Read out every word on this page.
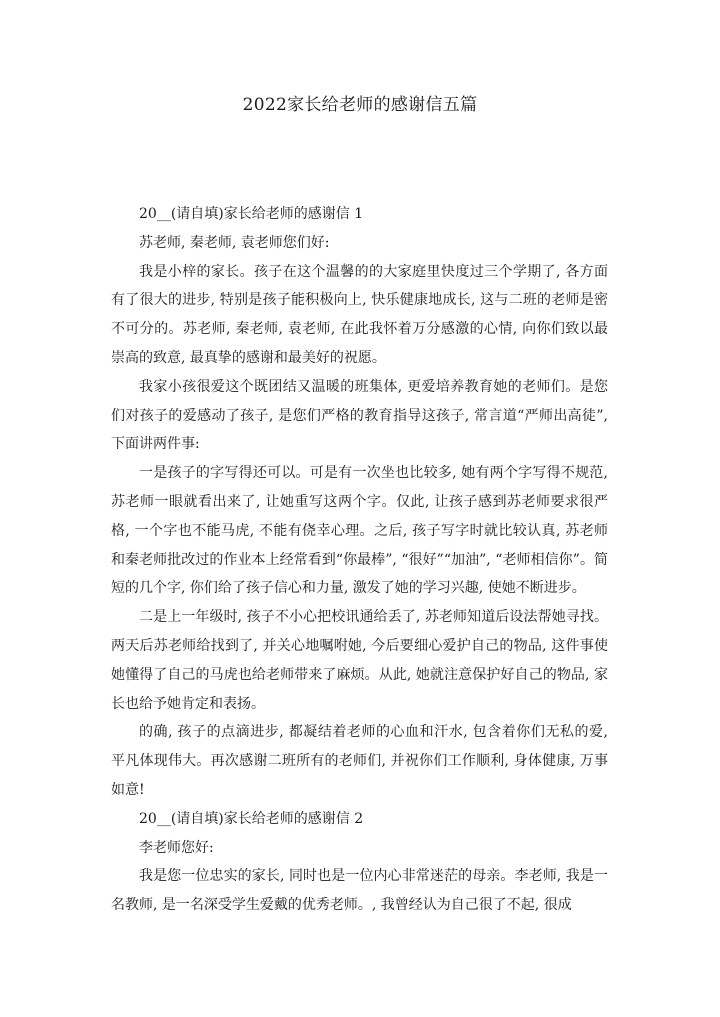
2022家长给老师的感谢信五篇

20__(请自填)家长给老师的感谢信 1

苏老师, 秦老师, 袁老师您们好:

我是小梓的家长。孩子在这个温馨的的大家庭里快度过三个学期了, 各方面有了很大的进步, 特别是孩子能积极向上, 快乐健康地成长, 这与二班的老师是密不可分的。苏老师, 秦老师, 袁老师, 在此我怀着万分感激的心情, 向你们致以最崇高的致意, 最真挚的感谢和最美好的祝愿。

我家小孩很爱这个既团结又温暖的班集体, 更爱培养教育她的老师们。是您们对孩子的爱感动了孩子, 是您们严格的教育指导这孩子, 常言道“严师出高徒”, 下面讲两件事:

一是孩子的字写得还可以。可是有一次坐也比较多, 她有两个字写得不规范, 苏老师一眼就看出来了, 让她重写这两个字。仅此, 让孩子感到苏老师要求很严格, 一个字也不能马虎, 不能有侥幸心理。之后, 孩子写字时就比较认真, 苏老师和秦老师批改过的作业本上经常看到“你最棒”, “很好”“加油”, “老师相信你”。简短的几个字, 你们给了孩子信心和力量, 激发了她的学习兴趣, 使她不断进步。

二是上一年级时, 孩子不小心把校讯通给丢了, 苏老师知道后设法帮她寻找。两天后苏老师给找到了, 并关心地嘱咐她, 今后要细心爱护自己的物品, 这件事使她懂得了自己的马虎也给老师带来了麻烦。从此, 她就注意保护好自己的物品, 家长也给予她肯定和表扬。

的确, 孩子的点滴进步, 都凝结着老师的心血和汗水, 包含着你们无私的爱, 平凡体现伟大。再次感谢二班所有的老师们, 并祝你们工作顺利, 身体健康, 万事如意!

20__(请自填)家长给老师的感谢信 2

李老师您好:

我是您一位忠实的家长, 同时也是一位内心非常迷茫的母亲。李老师, 我是一名教师, 是一名深受学生爱戴的优秀老师。, 我曾经认为自己很了不起, 很成
